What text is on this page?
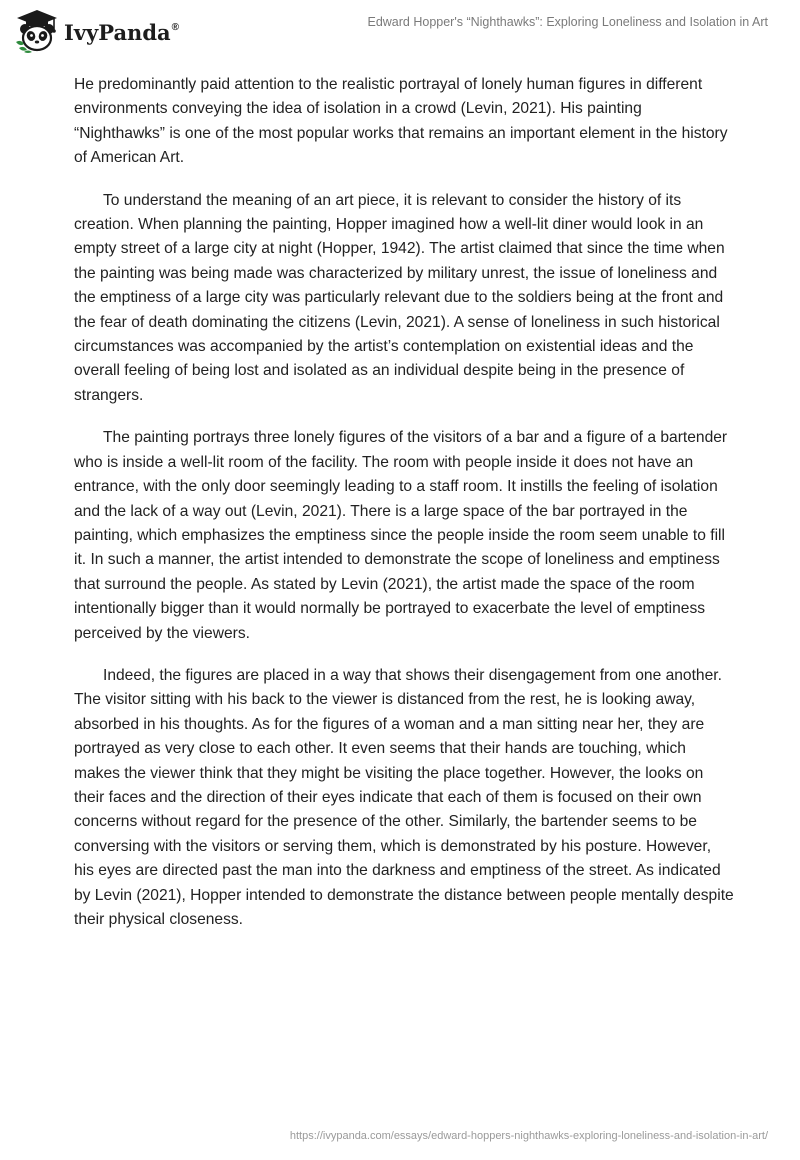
IvyPanda®	Edward Hopper's “Nighthawks”: Exploring Loneliness and Isolation in Art

He predominantly paid attention to the realistic portrayal of lonely human figures in different environments conveying the idea of isolation in a crowd (Levin, 2021). His painting “Nighthawks” is one of the most popular works that remains an important element in the history of American Art.

To understand the meaning of an art piece, it is relevant to consider the history of its creation. When planning the painting, Hopper imagined how a well-lit diner would look in an empty street of a large city at night (Hopper, 1942). The artist claimed that since the time when the painting was being made was characterized by military unrest, the issue of loneliness and the emptiness of a large city was particularly relevant due to the soldiers being at the front and the fear of death dominating the citizens (Levin, 2021). A sense of loneliness in such historical circumstances was accompanied by the artist’s contemplation on existential ideas and the overall feeling of being lost and isolated as an individual despite being in the presence of strangers.

The painting portrays three lonely figures of the visitors of a bar and a figure of a bartender who is inside a well-lit room of the facility. The room with people inside it does not have an entrance, with the only door seemingly leading to a staff room. It instills the feeling of isolation and the lack of a way out (Levin, 2021). There is a large space of the bar portrayed in the painting, which emphasizes the emptiness since the people inside the room seem unable to fill it. In such a manner, the artist intended to demonstrate the scope of loneliness and emptiness that surround the people. As stated by Levin (2021), the artist made the space of the room intentionally bigger than it would normally be portrayed to exacerbate the level of emptiness perceived by the viewers.

Indeed, the figures are placed in a way that shows their disengagement from one another. The visitor sitting with his back to the viewer is distanced from the rest, he is looking away, absorbed in his thoughts. As for the figures of a woman and a man sitting near her, they are portrayed as very close to each other. It even seems that their hands are touching, which makes the viewer think that they might be visiting the place together. However, the looks on their faces and the direction of their eyes indicate that each of them is focused on their own concerns without regard for the presence of the other. Similarly, the bartender seems to be conversing with the visitors or serving them, which is demonstrated by his posture. However, his eyes are directed past the man into the darkness and emptiness of the street. As indicated by Levin (2021), Hopper intended to demonstrate the distance between people mentally despite their physical closeness.

https://ivypanda.com/essays/edward-hoppers-nighthawks-exploring-loneliness-and-isolation-in-art/
